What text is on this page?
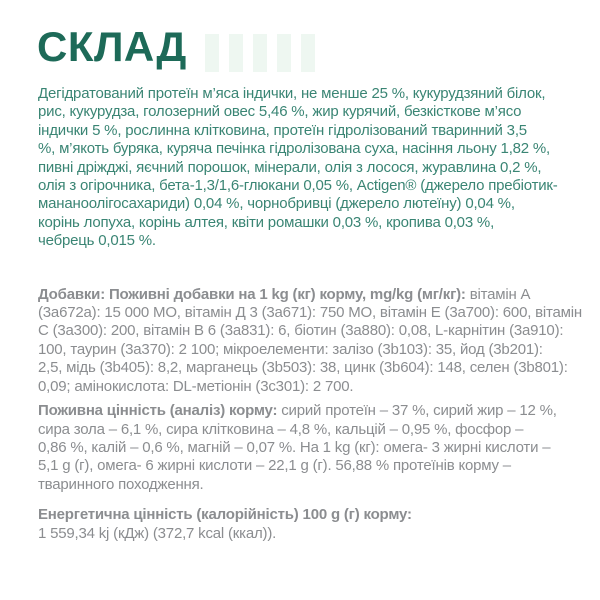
СКЛАД
Дегідратований протеїн м’яса індички, не менше 25 %, кукурудзяний білок,
рис, кукурудза, голозерний овес 5,46 %, жир курячий, безкісткове м’ясо
індички 5 %, рослинна клітковина, протеїн гідролізований тваринний 3,5
%, м’якоть буряка, куряча печінка гідролізована суха, насіння льону 1,82 %,
пивні дріжджі, яєчний порошок, мінерали, олія з лосося, журавлина 0,2 %,
олія з огірочника, бета-1,3/1,6-глюкани 0,05 %, Actigen® (джерело пребіотик-
мананоолігосахариди) 0,04 %, чорнобривці (джерело лютеїну) 0,04 %,
корінь лопуха, корінь алтея, квіти ромашки 0,03 %, кропива 0,03 %,
чебрець 0,015 %.
Добавки: Поживні добавки на 1 kg (кг) корму, mg/kg (мг/кг): вітамін А
(3а672а): 15 000 МО, вітамін Д 3 (3а671): 750 МО, вітамін Е (3а700): 600, вітамін
С (3а300): 200, вітамін В 6 (3а831): 6, біотин (3а880): 0,08, L-карнітин (3а910):
100, таурин (3а370): 2 100; мікроелементи: залізо (3b103): 35, йод (3b201):
2,5, мідь (3b405): 8,2, марганець (3b503): 38, цинк (3b604): 148, селен (3b801):
0,09; амінокислота: DL-метіонін (3с301): 2 700.
Поживна цінність (аналіз) корму: сирий протеїн – 37 %, сирий жир – 12 %,
сира зола – 6,1 %, сира клітковина – 4,8 %, кальцій – 0,95 %, фосфор –
0,86 %, калій – 0,6 %, магній – 0,07 %. На 1 kg (кг): омега- 3 жирні кислоти –
5,1 g (г), омега- 6 жирні кислоти – 22,1 g (г). 56,88 % протеїнів корму –
тваринного походження.
Енергетична цінність (калорійність) 100 g (г) корму:
1 559,34 kj (кДж) (372,7 kcal (ккал)).
